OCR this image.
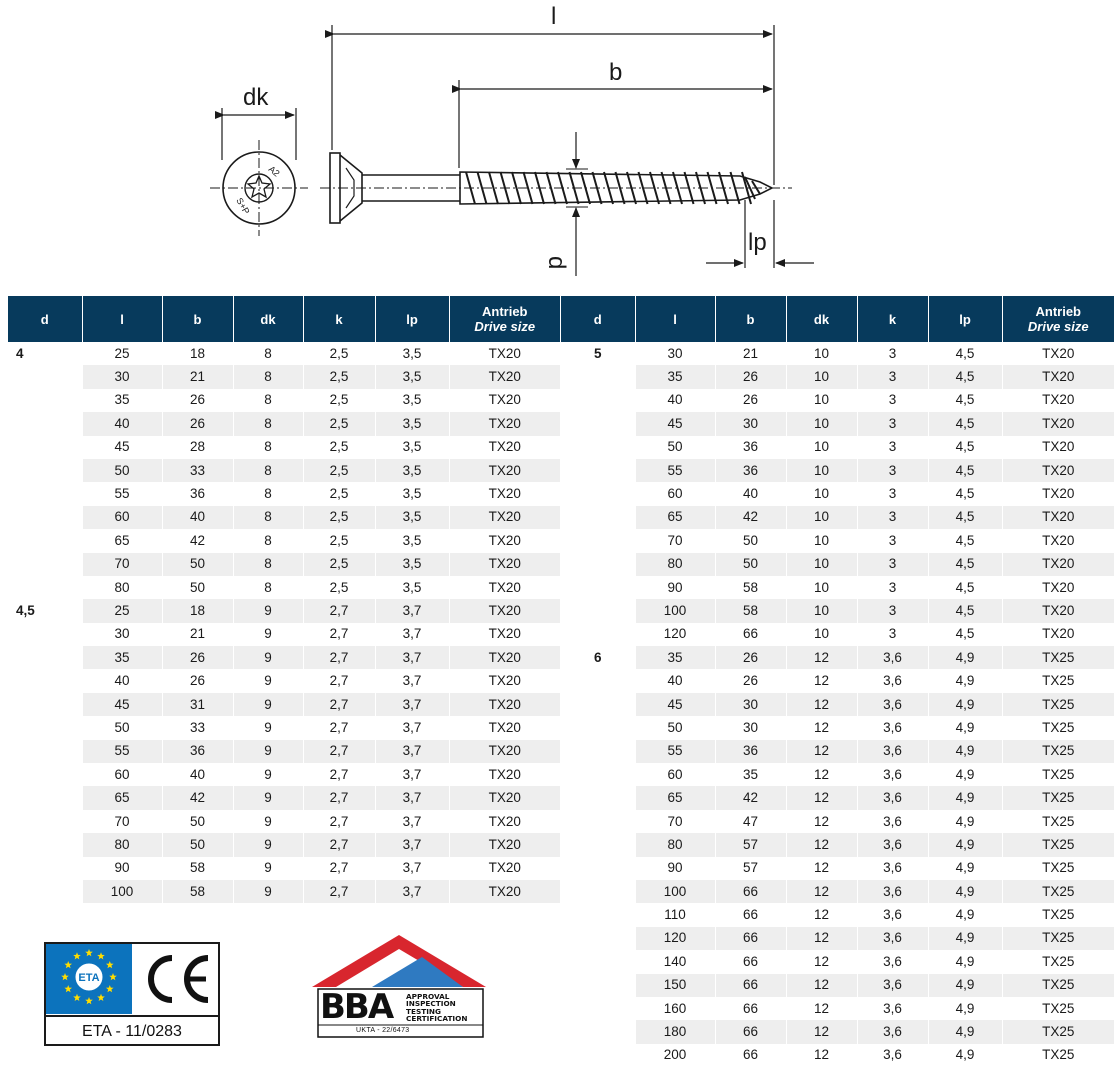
l
b
dk
lp
d
A2
S+P
d	l	b	dk	k	lp	Antrieb
Drive size
4	25	18	8	2,5	3,5	TX20
	30	21	8	2,5	3,5	TX20
	35	26	8	2,5	3,5	TX20
	40	26	8	2,5	3,5	TX20
	45	28	8	2,5	3,5	TX20
	50	33	8	2,5	3,5	TX20
	55	36	8	2,5	3,5	TX20
	60	40	8	2,5	3,5	TX20
	65	42	8	2,5	3,5	TX20
	70	50	8	2,5	3,5	TX20
	80	50	8	2,5	3,5	TX20
4,5	25	18	9	2,7	3,7	TX20
	30	21	9	2,7	3,7	TX20
	35	26	9	2,7	3,7	TX20
	40	26	9	2,7	3,7	TX20
	45	31	9	2,7	3,7	TX20
	50	33	9	2,7	3,7	TX20
	55	36	9	2,7	3,7	TX20
	60	40	9	2,7	3,7	TX20
	65	42	9	2,7	3,7	TX20
	70	50	9	2,7	3,7	TX20
	80	50	9	2,7	3,7	TX20
	90	58	9	2,7	3,7	TX20
	100	58	9	2,7	3,7	TX20
d	l	b	dk	k	lp	Antrieb
Drive size
5	30	21	10	3	4,5	TX20
	35	26	10	3	4,5	TX20
	40	26	10	3	4,5	TX20
	45	30	10	3	4,5	TX20
	50	36	10	3	4,5	TX20
	55	36	10	3	4,5	TX20
	60	40	10	3	4,5	TX20
	65	42	10	3	4,5	TX20
	70	50	10	3	4,5	TX20
	80	50	10	3	4,5	TX20
	90	58	10	3	4,5	TX20
	100	58	10	3	4,5	TX20
	120	66	10	3	4,5	TX20
6	35	26	12	3,6	4,9	TX25
	40	26	12	3,6	4,9	TX25
	45	30	12	3,6	4,9	TX25
	50	30	12	3,6	4,9	TX25
	55	36	12	3,6	4,9	TX25
	60	35	12	3,6	4,9	TX25
	65	42	12	3,6	4,9	TX25
	70	47	12	3,6	4,9	TX25
	80	57	12	3,6	4,9	TX25
	90	57	12	3,6	4,9	TX25
	100	66	12	3,6	4,9	TX25
	110	66	12	3,6	4,9	TX25
	120	66	12	3,6	4,9	TX25
	140	66	12	3,6	4,9	TX25
	150	66	12	3,6	4,9	TX25
	160	66	12	3,6	4,9	TX25
	180	66	12	3,6	4,9	TX25
	200	66	12	3,6	4,9	TX25
ETA
ETA - 11/0283
BBA APPROVAL
INSPECTION
TESTING
CERTIFICATION
UKTA - 22/6473
